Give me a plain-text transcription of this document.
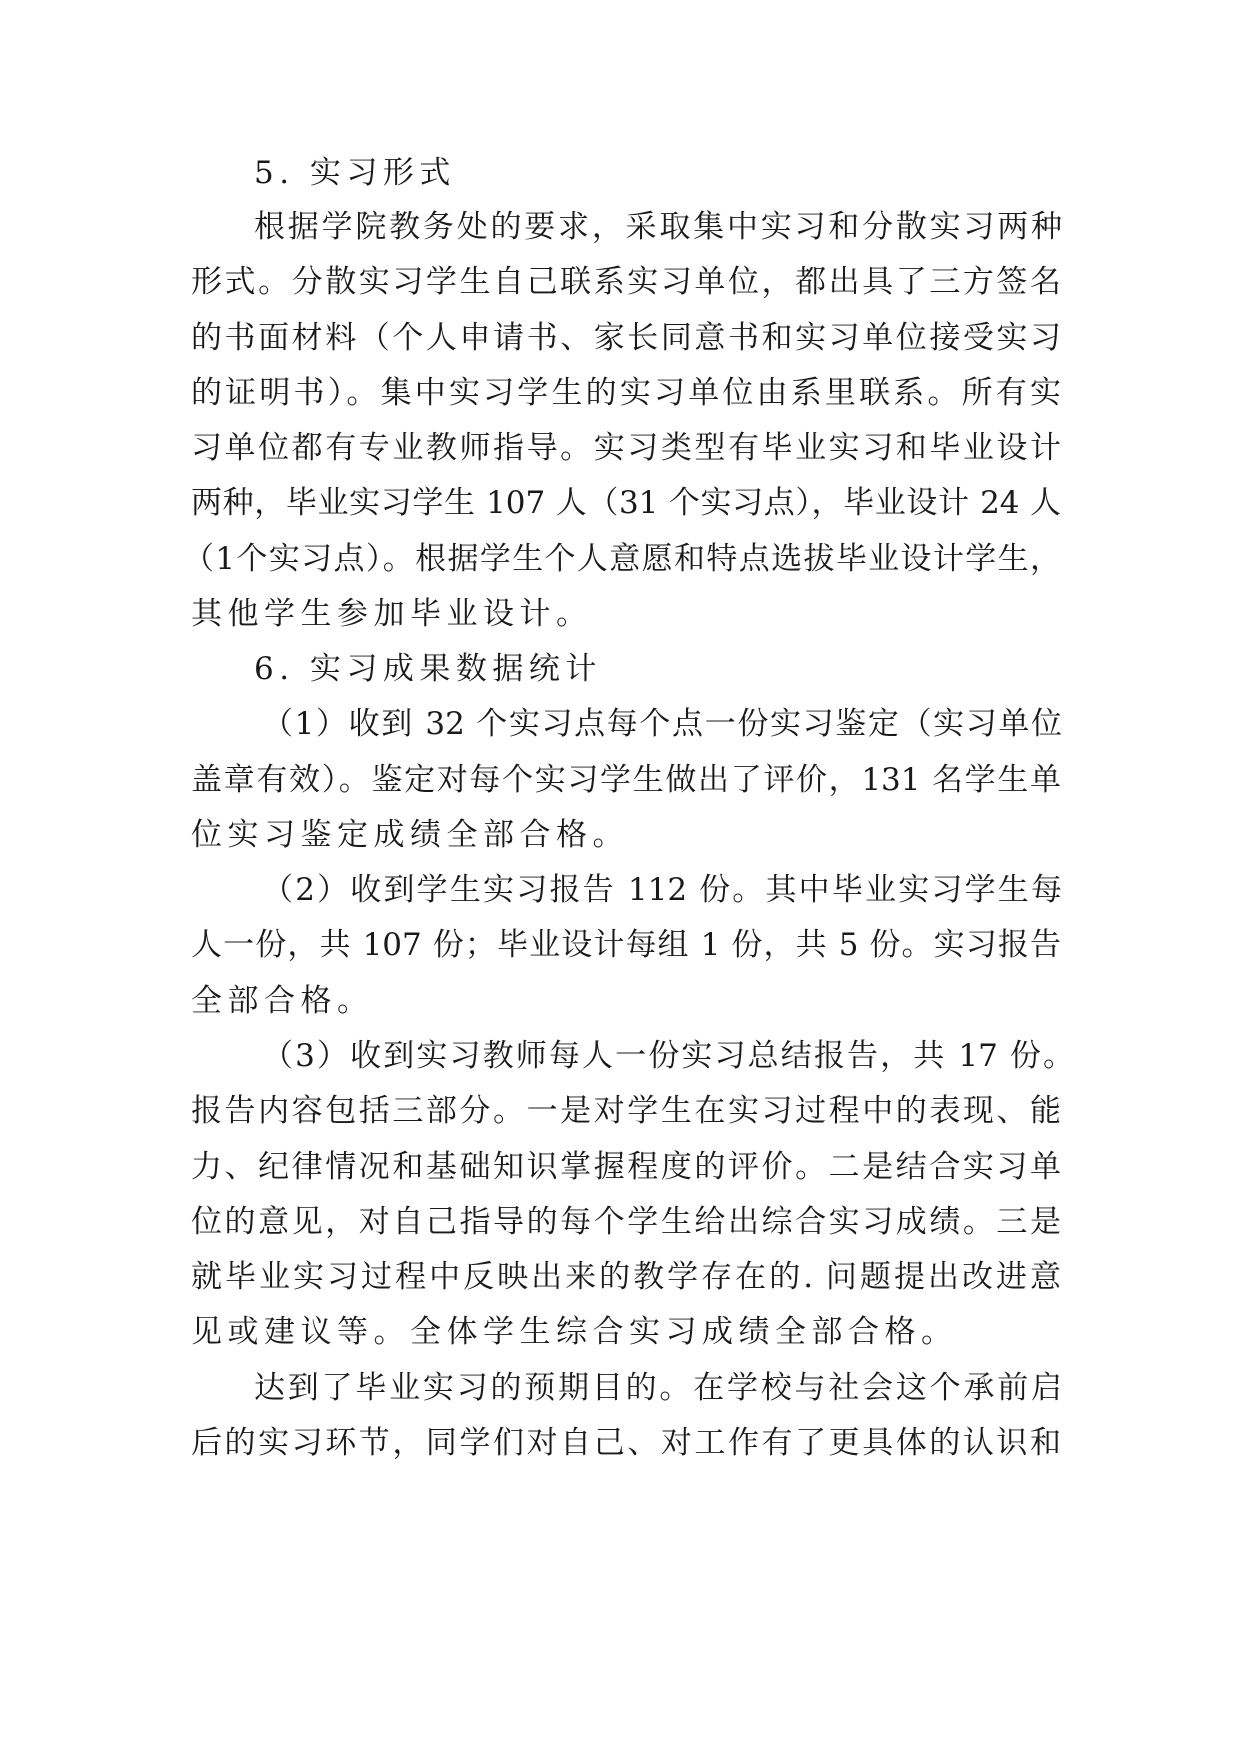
5. 实习形式
根据学院教务处的要求，采取集中实习和分散实习两种
形式。分散实习学生自己联系实习单位，都出具了三方签名
的书面材料（个人申请书、家长同意书和实习单位接受实习
的证明书）。集中实习学生的实习单位由系里联系。所有实
习单位都有专业教师指导。实习类型有毕业实习和毕业设计
两种，毕业实习学生 107 人（31 个实习点），毕业设计 24 人
（1个实习点）。根据学生个人意愿和特点选拔毕业设计学生，
其他学生参加毕业设计。
6. 实习成果数据统计
（1）收到 32 个实习点每个点一份实习鉴定（实习单位
盖章有效）。鉴定对每个实习学生做出了评价，131 名学生单
位实习鉴定成绩全部合格。
（2）收到学生实习报告 112 份。其中毕业实习学生每
人一份，共 107 份；毕业设计每组 1 份，共 5 份。实习报告
全部合格。
（3）收到实习教师每人一份实习总结报告，共 17 份。
报告内容包括三部分。一是对学生在实习过程中的表现、能
力、纪律情况和基础知识掌握程度的评价。二是结合实习单
位的意见，对自己指导的每个学生给出综合实习成绩。三是
就毕业实习过程中反映出来的教学存在的. 问题提出改进意
见或建议等。全体学生综合实习成绩全部合格。
达到了毕业实习的预期目的。在学校与社会这个承前启
后的实习环节，同学们对自己、对工作有了更具体的认识和
